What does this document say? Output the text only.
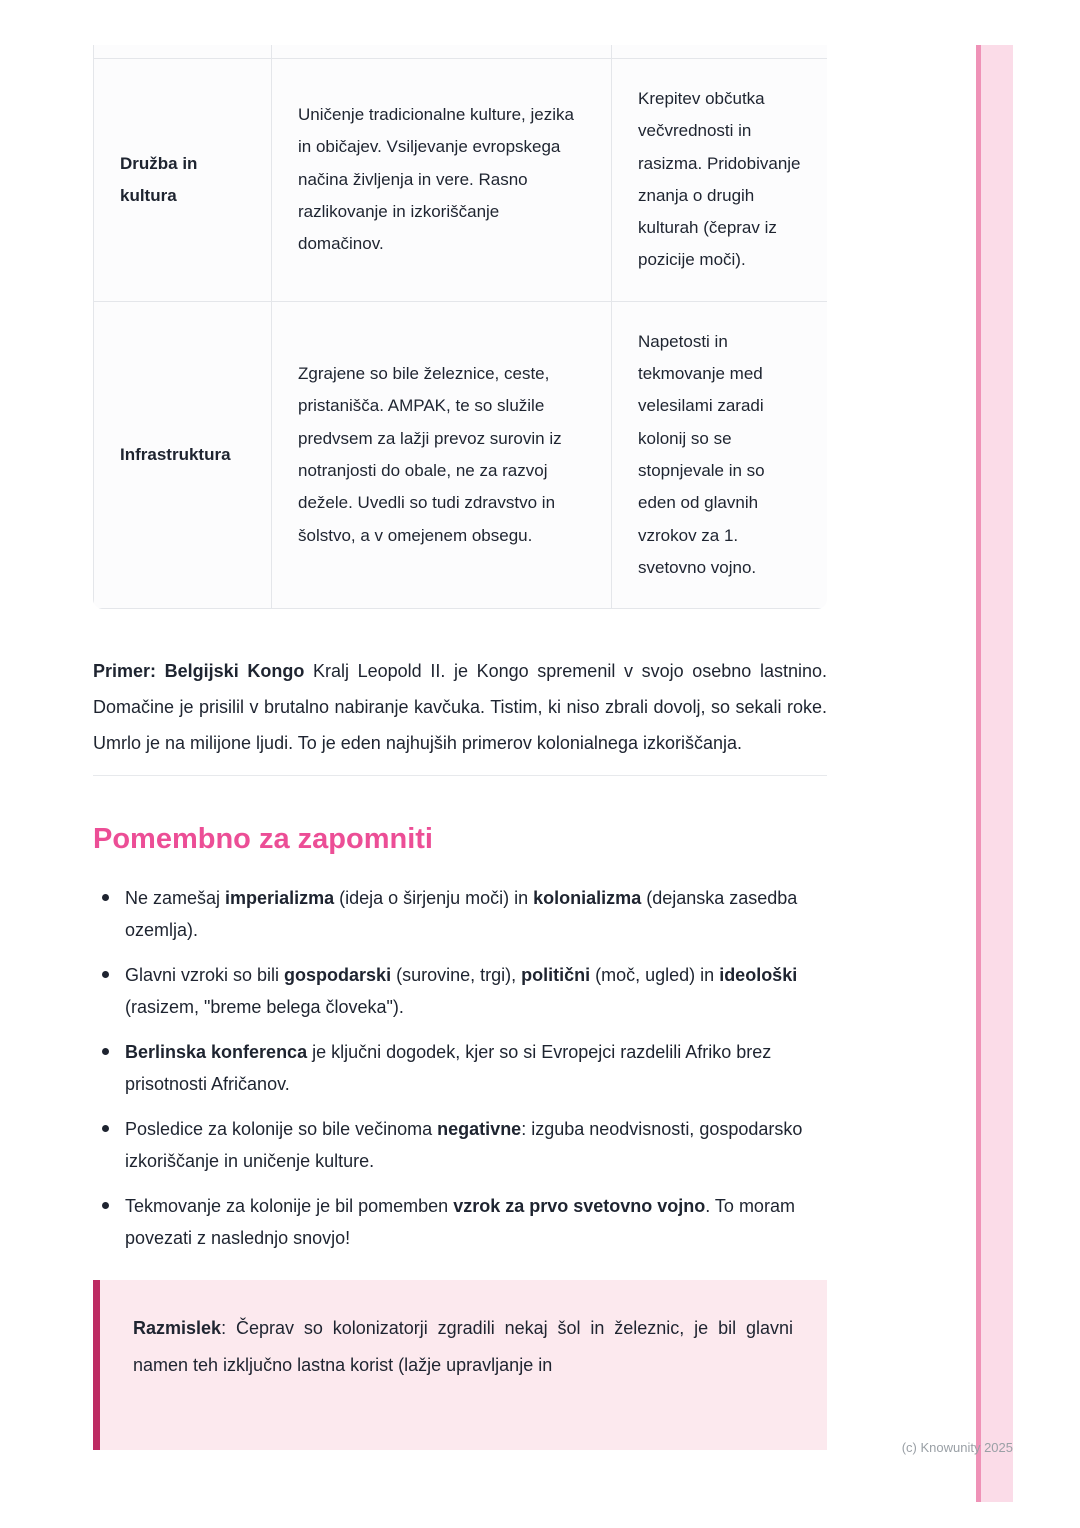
Družba in kultura	Uničenje tradicionalne kulture, jezika in običajev. Vsiljevanje evropskega načina življenja in vere. Rasno razlikovanje in izkoriščanje domačinov.	Krepitev občutka večvrednosti in rasizma. Pridobivanje znanja o drugih kulturah (čeprav iz pozicije moči).
Infrastruktura	Zgrajene so bile železnice, ceste, pristanišča. AMPAK, te so služile predvsem za lažji prevoz surovin iz notranjosti do obale, ne za razvoj dežele. Uvedli so tudi zdravstvo in šolstvo, a v omejenem obsegu.	Napetosti in tekmovanje med velesilami zaradi kolonij so se stopnjevale in so eden od glavnih vzrokov za 1. svetovno vojno.

Primer: Belgijski Kongo Kralj Leopold II. je Kongo spremenil v svojo osebno lastnino. Domačine je prisilil v brutalno nabiranje kavčuka. Tistim, ki niso zbrali dovolj, so sekali roke. Umrlo je na milijone ljudi. To je eden najhujših primerov kolonialnega izkoriščanja.

Pomembno za zapomniti
Ne zamešaj imperializma (ideja o širjenju moči) in kolonializma (dejanska zasedba ozemlja).
Glavni vzroki so bili gospodarski (surovine, trgi), politični (moč, ugled) in ideološki (rasizem, "breme belega človeka").
Berlinska konferenca je ključni dogodek, kjer so si Evropejci razdelili Afriko brez prisotnosti Afričanov.
Posledice za kolonije so bile večinoma negativne: izguba neodvisnosti, gospodarsko izkoriščanje in uničenje kulture.
Tekmovanje za kolonije je bil pomemben vzrok za prvo svetovno vojno. To moram povezati z naslednjo snovjo!

Razmislek: Čeprav so kolonizatorji zgradili nekaj šol in železnic, je bil glavni namen teh izključno lastna korist (lažje upravljanje in

(c) Knowunity 2025
